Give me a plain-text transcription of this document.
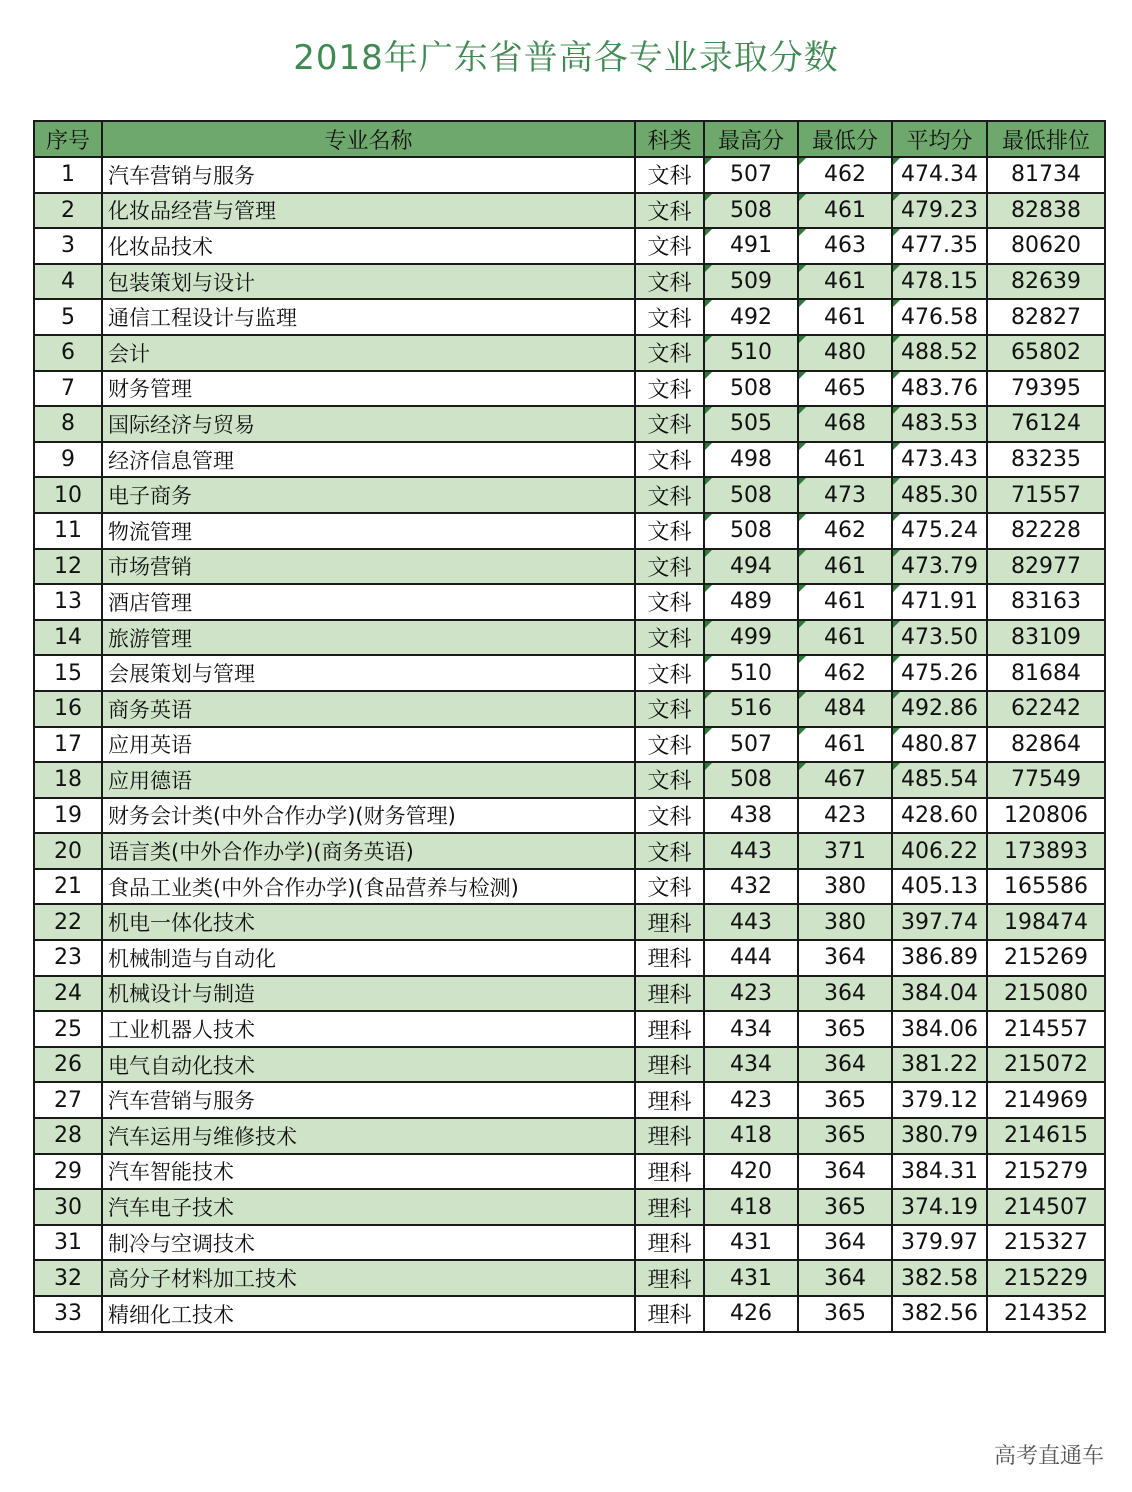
2018年广东省普高各专业录取分数
序号	专业名称	科类	最高分	最低分	平均分	最低排位
1	汽车营销与服务	文科	507	462	474.34	81734
2	化妆品经营与管理	文科	508	461	479.23	82838
3	化妆品技术	文科	491	463	477.35	80620
4	包装策划与设计	文科	509	461	478.15	82639
5	通信工程设计与监理	文科	492	461	476.58	82827
6	会计	文科	510	480	488.52	65802
7	财务管理	文科	508	465	483.76	79395
8	国际经济与贸易	文科	505	468	483.53	76124
9	经济信息管理	文科	498	461	473.43	83235
10	电子商务	文科	508	473	485.30	71557
11	物流管理	文科	508	462	475.24	82228
12	市场营销	文科	494	461	473.79	82977
13	酒店管理	文科	489	461	471.91	83163
14	旅游管理	文科	499	461	473.50	83109
15	会展策划与管理	文科	510	462	475.26	81684
16	商务英语	文科	516	484	492.86	62242
17	应用英语	文科	507	461	480.87	82864
18	应用德语	文科	508	467	485.54	77549
19	财务会计类(中外合作办学)(财务管理)	文科	438	423	428.60	120806
20	语言类(中外合作办学)(商务英语)	文科	443	371	406.22	173893
21	食品工业类(中外合作办学)(食品营养与检测)	文科	432	380	405.13	165586
22	机电一体化技术	理科	443	380	397.74	198474
23	机械制造与自动化	理科	444	364	386.89	215269
24	机械设计与制造	理科	423	364	384.04	215080
25	工业机器人技术	理科	434	365	384.06	214557
26	电气自动化技术	理科	434	364	381.22	215072
27	汽车营销与服务	理科	423	365	379.12	214969
28	汽车运用与维修技术	理科	418	365	380.79	214615
29	汽车智能技术	理科	420	364	384.31	215279
30	汽车电子技术	理科	418	365	374.19	214507
31	制冷与空调技术	理科	431	364	379.97	215327
32	高分子材料加工技术	理科	431	364	382.58	215229
33	精细化工技术	理科	426	365	382.56	214352
高考直通车
